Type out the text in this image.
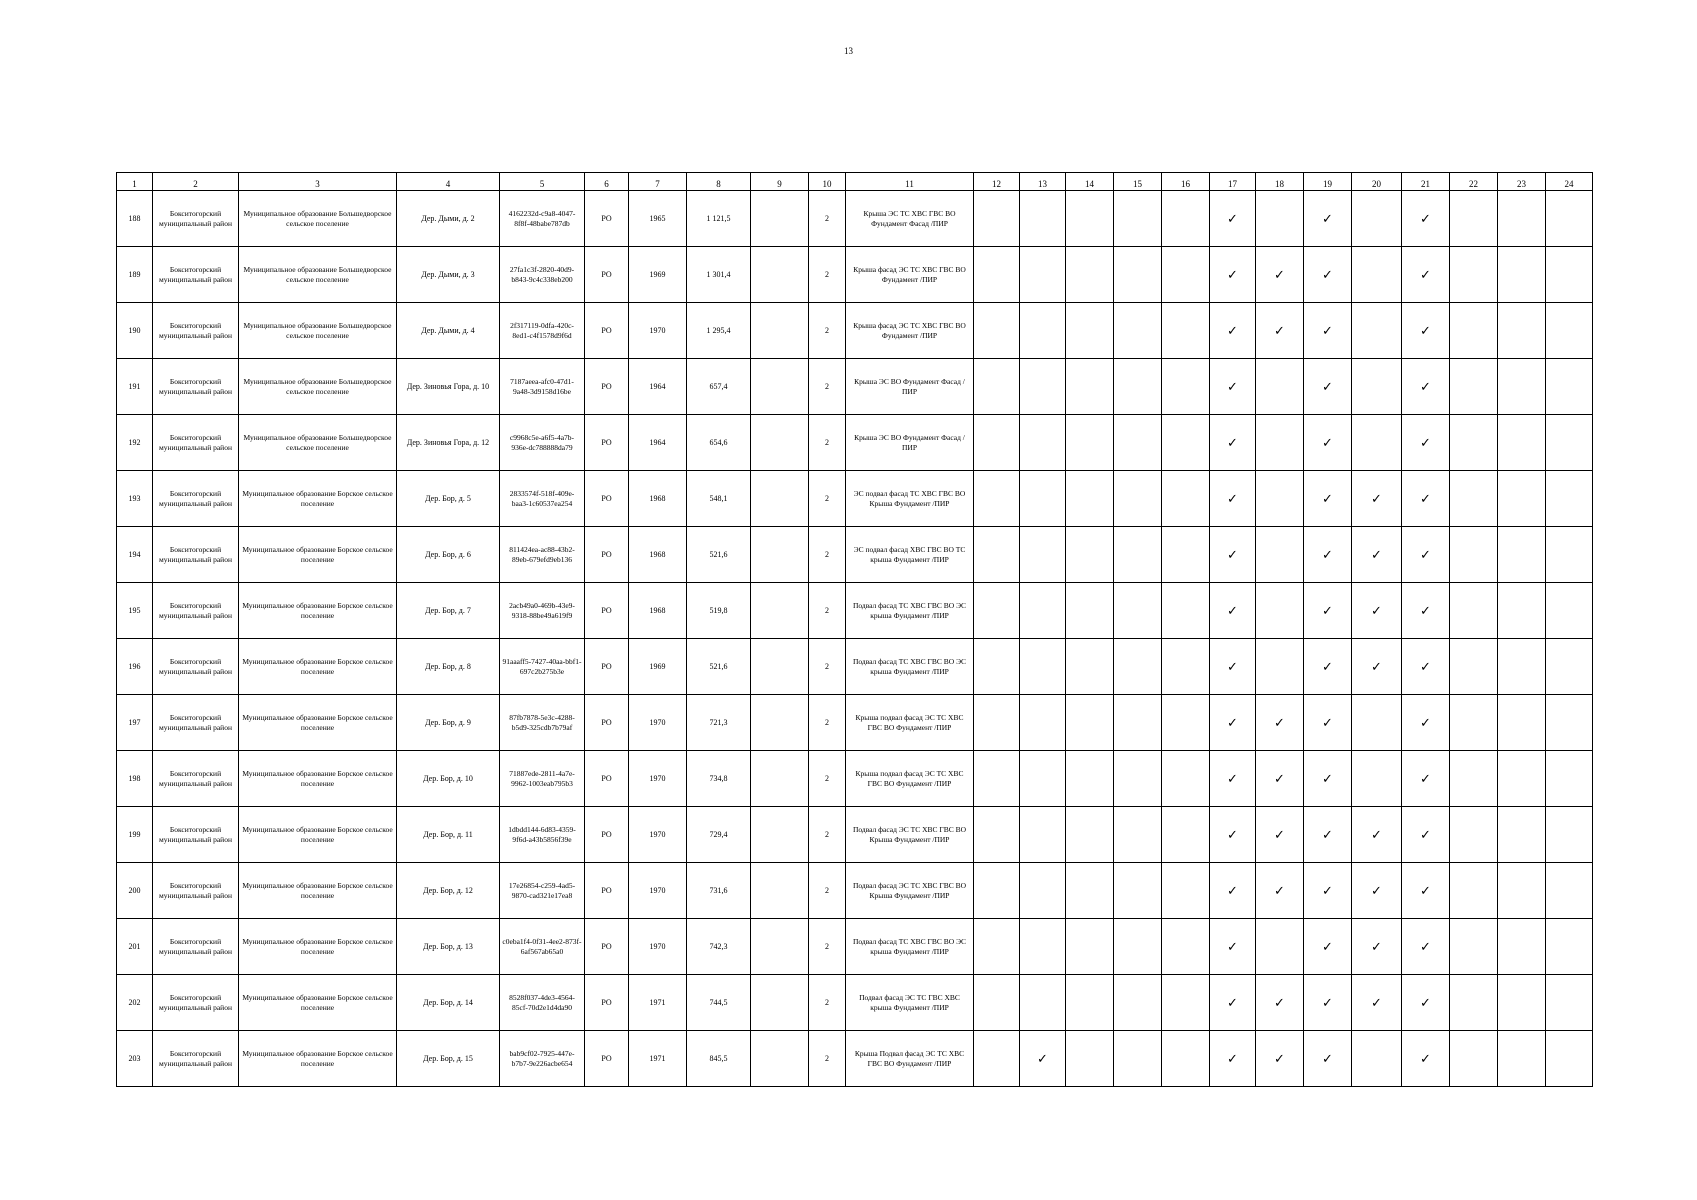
13
1	2	3	4	5	6	7	8	9	10	11	12	13	14	15	16	17	18	19	20	21	22	23	24
188	Бокситогорский муниципальный район	Муниципальное образование Большедворское сельское поселение	Дер. Дыми, д. 2	4162232d-c9a8-4047-8f8f-48babe787db	РО	1965	1 121,5		2	Крыша ЭС ТС ХВС ГВС ВО Фундамент Фасад /ПИР						✓		✓		✓			
189	Бокситогорский муниципальный район	Муниципальное образование Большедворское сельское поселение	Дер. Дыми, д. 3	27fa1c3f-2820-40d9-b843-9c4c338eb200	РО	1969	1 301,4		2	Крыша фасад ЭС ТС ХВС ГВС ВО Фундамент /ПИР						✓	✓	✓		✓			
190	Бокситогорский муниципальный район	Муниципальное образование Большедворское сельское поселение	Дер. Дыми, д. 4	2f317119-0dfa-420c-8ed1-c4f1578d9f6d	РО	1970	1 295,4		2	Крыша фасад ЭС ТС ХВС ГВС ВО Фундамент /ПИР						✓	✓	✓		✓			
191	Бокситогорский муниципальный район	Муниципальное образование Большедворское сельское поселение	Дер. Зиновья Гора, д. 10	7187aeea-afc0-47d1-9a48-3d9158d16be	РО	1964	657,4		2	Крыша ЭС ВО Фундамент Фасад /ПИР						✓		✓		✓			
192	Бокситогорский муниципальный район	Муниципальное образование Большедворское сельское поселение	Дер. Зиновья Гора, д. 12	c9968c5e-a6f5-4a7b-936e-dc788888da79	РО	1964	654,6		2	Крыша ЭС ВО Фундамент Фасад /ПИР						✓		✓		✓			
193	Бокситогорский муниципальный район	Муниципальное образование Борское сельское поселение	Дер. Бор, д. 5	2833574f-518f-409e-baa3-1c60537ea254	РО	1968	548,1		2	ЭС подвал фасад ТС ХВС ГВС ВО Крыша Фундамент /ПИР						✓		✓	✓	✓			
194	Бокситогорский муниципальный район	Муниципальное образование Борское сельское поселение	Дер. Бор, д. 6	811424ea-ac88-43b2-89eb-679efd9eb136	РО	1968	521,6		2	ЭС подвал фасад ХВС ГВС ВО ТС крыша Фундамент /ПИР						✓		✓	✓	✓			
195	Бокситогорский муниципальный район	Муниципальное образование Борское сельское поселение	Дер. Бор, д. 7	2acb49a0-469b-43e9-9318-88be49a619f9	РО	1968	519,8		2	Подвал фасад ТС ХВС ГВС ВО ЭС крыша Фундамент /ПИР						✓		✓	✓	✓			
196	Бокситогорский муниципальный район	Муниципальное образование Борское сельское поселение	Дер. Бор, д. 8	91aaaff5-7427-40aa-bbf1-697c2b275b3e	РО	1969	521,6		2	Подвал фасад ТС ХВС ГВС ВО ЭС крыша Фундамент /ПИР						✓		✓	✓	✓			
197	Бокситогорский муниципальный район	Муниципальное образование Борское сельское поселение	Дер. Бор, д. 9	87fb7878-5e3c-4288-b5d9-325cdb7b79af	РО	1970	721,3		2	Крыша подвал фасад ЭС ТС ХВС ГВС ВО Фундамент /ПИР						✓	✓	✓		✓			
198	Бокситогорский муниципальный район	Муниципальное образование Борское сельское поселение	Дер. Бор, д. 10	71887ede-2811-4a7e-9962-1003eab795b3	РО	1970	734,8		2	Крыша подвал фасад ЭС ТС ХВС ГВС ВО Фундамент /ПИР						✓	✓	✓		✓			
199	Бокситогорский муниципальный район	Муниципальное образование Борское сельское поселение	Дер. Бор, д. 11	1dbdd144-6d83-4359-9f6d-a43b5856f39e	РО	1970	729,4		2	Подвал фасад ЭС ТС ХВС ГВС ВО Крыша Фундамент /ПИР						✓	✓	✓	✓	✓			
200	Бокситогорский муниципальный район	Муниципальное образование Борское сельское поселение	Дер. Бор, д. 12	17e26854-c259-4ad5-9870-cad321e17ea8	РО	1970	731,6		2	Подвал фасад ЭС ТС ХВС ГВС ВО Крыша Фундамент /ПИР						✓	✓	✓	✓	✓			
201	Бокситогорский муниципальный район	Муниципальное образование Борское сельское поселение	Дер. Бор, д. 13	c0eba1f4-0f31-4ee2-873f-6af567ab65a0	РО	1970	742,3		2	Подвал фасад ТС ХВС ГВС ВО ЭС крыша Фундамент /ПИР						✓		✓	✓	✓			
202	Бокситогорский муниципальный район	Муниципальное образование Борское сельское поселение	Дер. Бор, д. 14	8528f037-4de3-4564-85cf-70d2e1d4da90	РО	1971	744,5		2	Подвал фасад ЭС ТС ГВС ХВС крыша Фундамент /ПИР						✓	✓	✓	✓	✓			
203	Бокситогорский муниципальный район	Муниципальное образование Борское сельское поселение	Дер. Бор, д. 15	bab9cf02-7925-447e-b7b7-9e226acbe654	РО	1971	845,5		2	Крыша Подвал фасад ЭС ТС ХВС ГВС ВО Фундамент /ПИР		✓				✓	✓	✓		✓			
